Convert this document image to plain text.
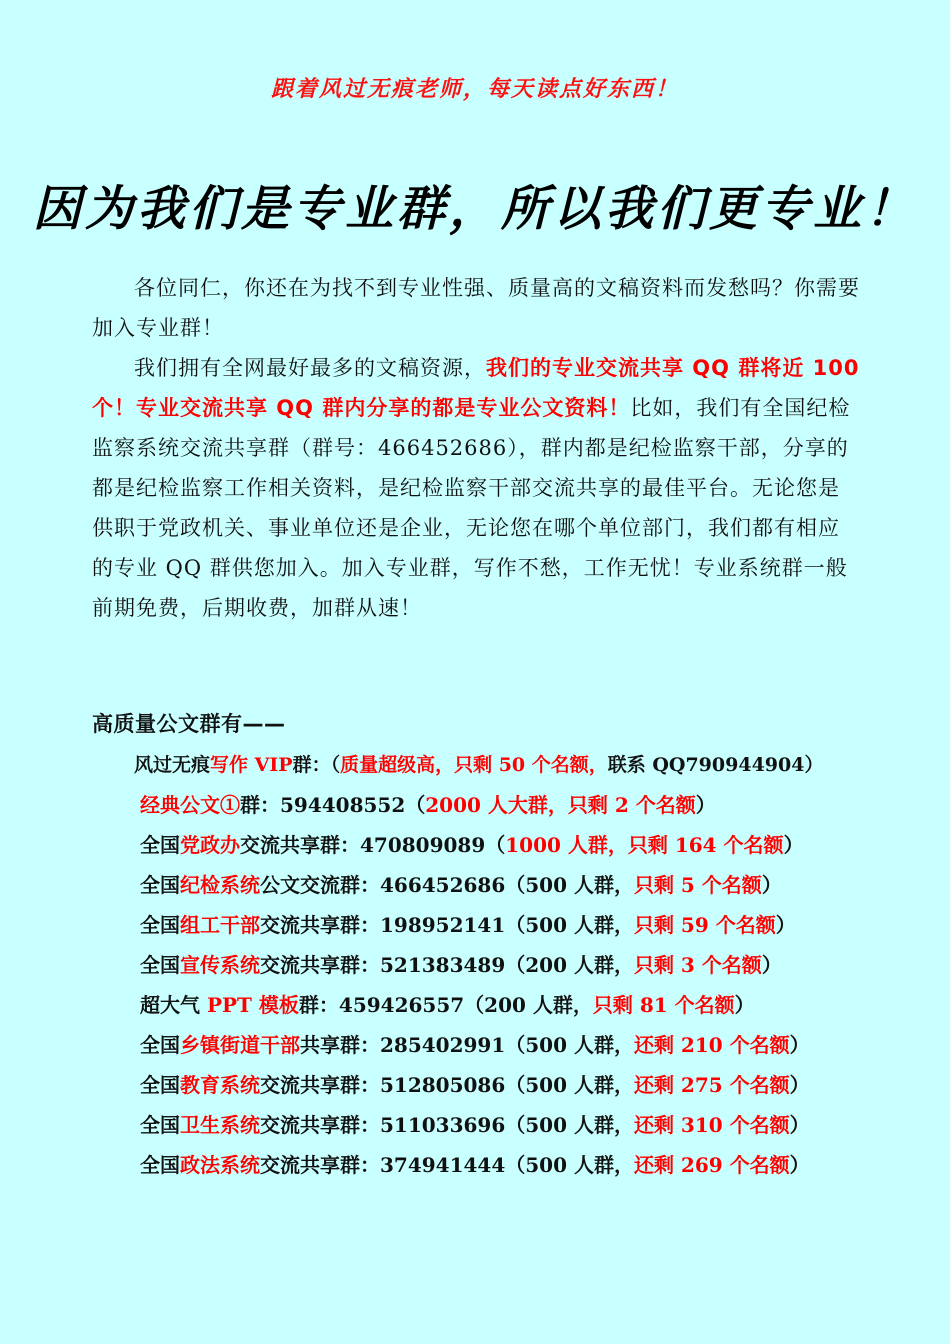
跟着风过无痕老师，每天读点好东西！
因为我们是专业群，所以我们更专业！

各位同仁，你还在为找不到专业性强、质量高的文稿资料而发愁吗？你需要加入专业群！

我们拥有全网最好最多的文稿资源，我们的专业交流共享 QQ 群将近 100 个！专业交流共享 QQ 群内分享的都是专业公文资料！比如，我们有全国纪检监察系统交流共享群（群号：466452686），群内都是纪检监察干部，分享的都是纪检监察工作相关资料，是纪检监察干部交流共享的最佳平台。无论您是供职于党政机关、事业单位还是企业，无论您在哪个单位部门，我们都有相应的专业 QQ 群供您加入。加入专业群，写作不愁，工作无忧！专业系统群一般前期免费，后期收费，加群从速！

高质量公文群有——
风过无痕写作 VIP群：（质量超级高，只剩 50 个名额，联系 QQ790944904）
经典公文①群：594408552（2000 人大群，只剩 2 个名额）
全国党政办交流共享群：470809089（1000 人群，只剩 164 个名额）
全国纪检系统公文交流群：466452686（500 人群，只剩 5 个名额）
全国组工干部交流共享群：198952141（500 人群，只剩 59 个名额）
全国宣传系统交流共享群：521383489（200 人群，只剩 3 个名额）
超大气 PPT 模板群：459426557（200 人群，只剩 81 个名额）
全国乡镇街道干部共享群：285402991（500 人群，还剩 210 个名额）
全国教育系统交流共享群：512805086（500 人群，还剩 275 个名额）
全国卫生系统交流共享群：511033696（500 人群，还剩 310 个名额）
全国政法系统交流共享群：374941444（500 人群，还剩 269 个名额）
